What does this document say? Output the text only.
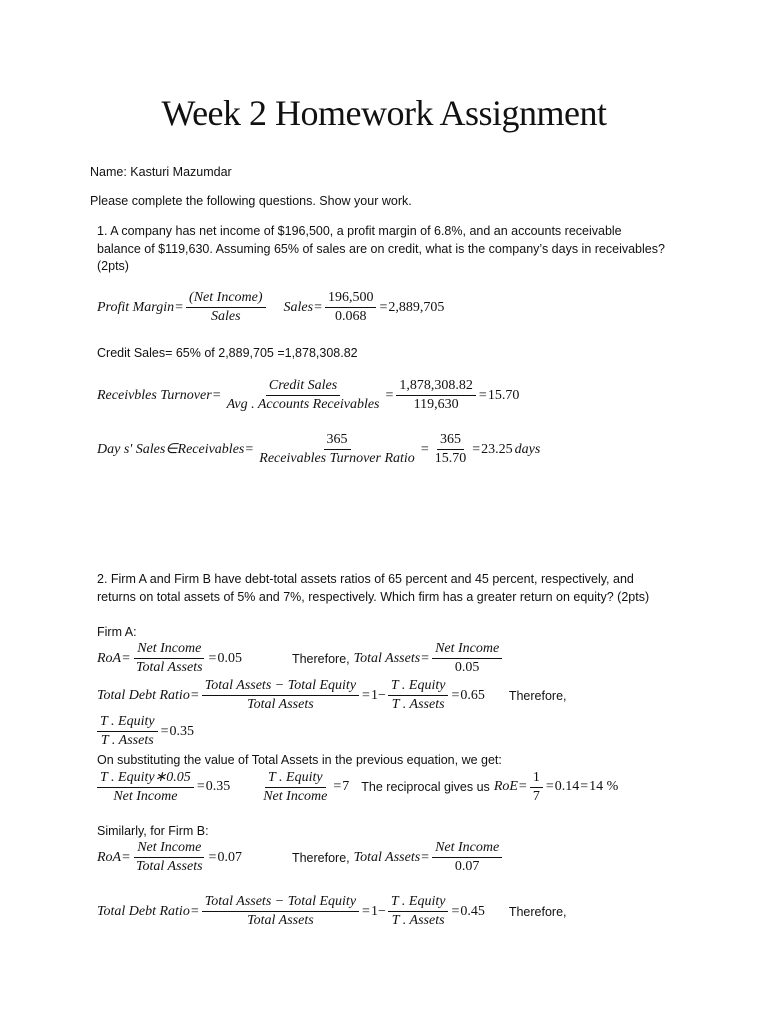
Week 2 Homework Assignment
Name: Kasturi Mazumdar
Please complete the following questions. Show your work.
1. A company has net income of $196,500, a profit margin of 6.8%, and an accounts receivable
balance of $119,630. Assuming 65% of sales are on credit, what is the company’s days in receivables?
(2pts)
Profit Margin = $\frac{\text{(Net Income)}}{\text{Sales}}$ Sales = $\frac{196,500}{0.068} = 2,889,705$
Credit Sales= 65% of 2,889,705 =1,878,308.82
Receivbles Turnover = $\frac{\text{Credit Sales}}{\text{Avg . Accounts Receivables}} = \frac{1,878,308.82}{119,630} = 15.70$
Day s' Sales∈Receivables = $\frac{365}{\text{Receivables Turnover Ratio}} = \frac{365}{15.70} = 23.25$ days
2. Firm A and Firm B have debt-total assets ratios of 65 percent and 45 percent, respectively, and
returns on total assets of 5% and 7%, respectively. Which firm has a greater return on equity? (2pts)
Firm A:
RoA = $\frac{\text{Net Income}}{\text{Total Assets}} = 0.05$	Therefore, Total Assets = $\frac{\text{Net Income}}{0.05}$
Total Debt Ratio = $\frac{\text{Total Assets − Total Equity}}{\text{Total Assets}} = 1- \frac{\text{T . Equity}}{\text{T . Assets}} = 0.65$ Therefore,
$\frac{\text{T . Equity}}{\text{T . Assets}} = 0.35$
On substituting the value of Total Assets in the previous equation, we get:
$\frac{\text{T . Equity∗0.05}}{\text{Net Income}} = 0.35 \frac{\text{T . Equity}}{\text{Net Income}} = 7$ The reciprocal gives us RoE = $\frac{1}{7} = 0.14 = 14$ %
Similarly, for Firm B:
RoA = $\frac{\text{Net Income}}{\text{Total Assets}} = 0.07$	Therefore, Total Assets = $\frac{\text{Net Income}}{0.07}$
Total Debt Ratio = $\frac{\text{Total Assets − Total Equity}}{\text{Total Assets}} = 1- \frac{\text{T . Equity}}{\text{T . Assets}} = 0.45$ Therefore,
